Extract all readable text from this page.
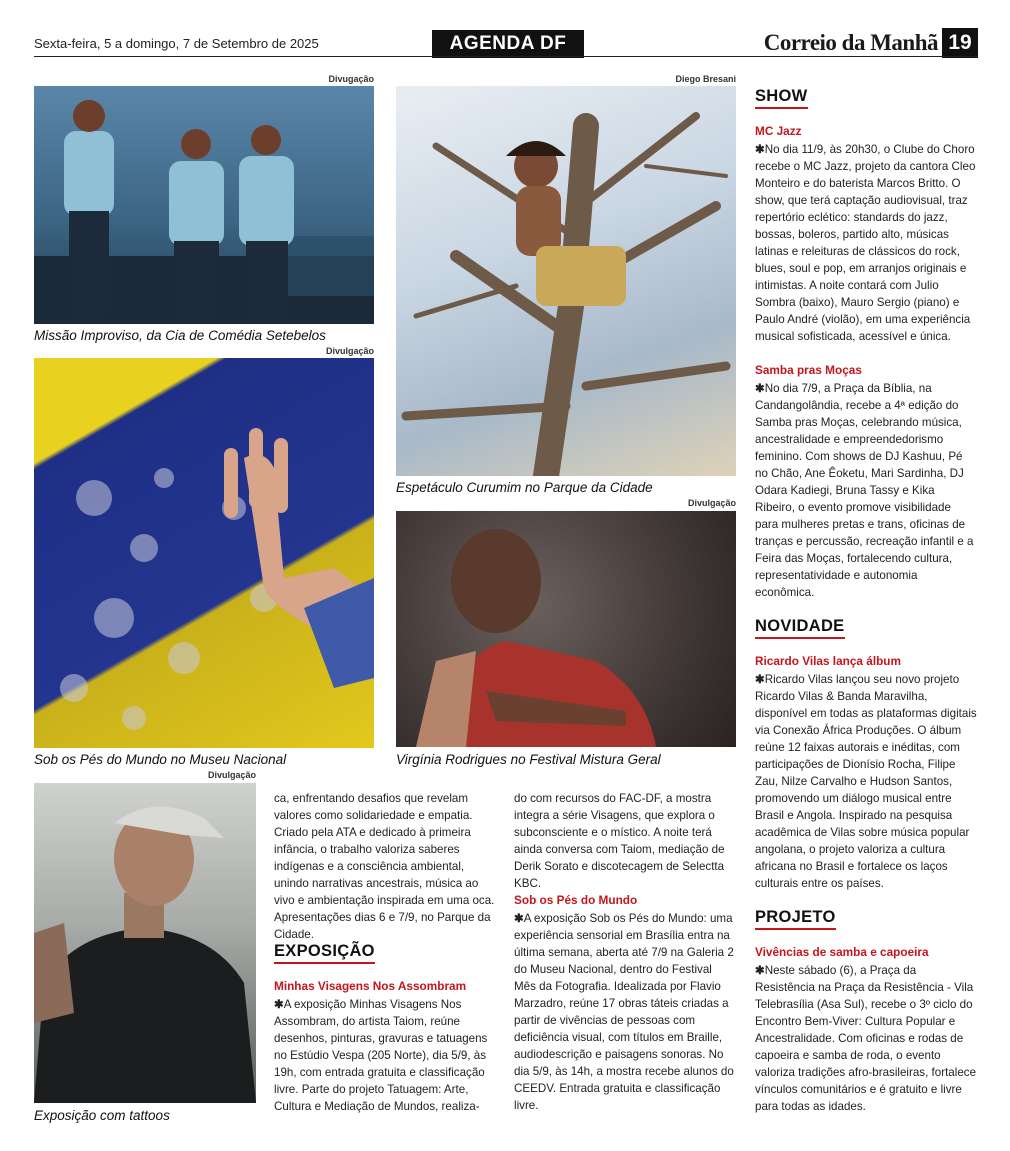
Sexta-feira, 5 a domingo, 7 de Setembro de 2025	AGENDA DF	Correio da Manhã 19
Divugação
Missão Improviso, da Cia de Comédia Setebelos
Diego Bresani
Espetáculo Curumim no Parque da Cidade
Divulgação
Sob os Pés do Mundo no Museu Nacional
Divulgação
Virgínia Rodrigues no Festival Mistura Geral
Divulgação
Exposição com tattoos

ca, enfrentando desafios que revelam valores como solidariedade e empatia. Criado pela ATA e dedicado à primeira infância, o trabalho valoriza saberes indígenas e a consciência ambiental, unindo narrativas ancestrais, música ao vivo e ambientação inspirada em uma oca. Apresentações dias 6 e 7/9, no Parque da Cidade.

EXPOSIÇÃO
Minhas Visagens Nos Assombram

✱A exposição Minhas Visagens Nos Assombram, do artista Taiom, reúne desenhos, pinturas, gravuras e tatuagens no Estúdio Vespa (205 Norte), dia 5/9, às 19h, com entrada gratuita e classificação livre. Parte do projeto Tatuagem: Arte, Cultura e Mediação de Mundos, realiza-

do com recursos do FAC-DF, a mostra integra a série Visagens, que explora o subconsciente e o místico. A noite terá ainda conversa com Taiom, mediação de Derik Sorato e discotecagem de Selectta KBC.

Sob os Pés do Mundo

✱A exposição Sob os Pés do Mundo: uma experiência sensorial em Brasília entra na última semana, aberta até 7/9 na Galeria 2 do Museu Nacional, dentro do Festival Mês da Fotografia. Idealizada por Flavio Marzadro, reúne 17 obras táteis criadas a partir de vivências de pessoas com deficiência visual, com títulos em Braille, audiodescrição e paisagens sonoras. No dia 5/9, às 14h, a mostra recebe alunos do CEEDV. Entrada gratuita e classificação livre.

SHOW
MC Jazz

✱No dia 11/9, às 20h30, o Clube do Choro recebe o MC Jazz, projeto da cantora Cleo Monteiro e do baterista Marcos Britto. O show, que terá captação audiovisual, traz repertório eclético: standards do jazz, bossas, boleros, partido alto, músicas latinas e releituras de clássicos do rock, blues, soul e pop, em arranjos originais e intimistas. A noite contará com Julio Sombra (baixo), Mauro Sergio (piano) e Paulo André (violão), em uma experiência musical sofisticada, acessível e única.

Samba pras Moças

✱No dia 7/9, a Praça da Bíblia, na Candangolândia, recebe a 4ª edição do Samba pras Moças, celebrando música, ancestralidade e empreendedorismo feminino. Com shows de DJ Kashuu, Pé no Chão, Ane Êoketu, Mari Sardinha, DJ Odara Kadiegi, Bruna Tassy e Kika Ribeiro, o evento promove visibilidade para mulheres pretas e trans, oficinas de tranças e percussão, recreação infantil e a Feira das Moças, fortalecendo cultura, representatividade e autonomia econômica.

NOVIDADE
Ricardo Vilas lança álbum

✱Ricardo Vilas lançou seu novo projeto Ricardo Vilas & Banda Maravilha, disponível em todas as plataformas digitais via Conexão África Produções. O álbum reúne 12 faixas autorais e inéditas, com participações de Dionísio Rocha, Filipe Zau, Nilze Carvalho e Hudson Santos, promovendo um diálogo musical entre Brasil e Angola. Inspirado na pesquisa acadêmica de Vilas sobre música popular angolana, o projeto valoriza a cultura africana no Brasil e fortalece os laços culturais entre os países.

PROJETO
Vivências de samba e capoeira

✱Neste sábado (6), a Praça da Resistência na Praça da Resistência - Vila Telebrasília (Asa Sul), recebe o 3º ciclo do Encontro Bem-Viver: Cultura Popular e Ancestralidade. Com oficinas e rodas de capoeira e samba de roda, o evento valoriza tradições afro-brasileiras, fortalece vínculos comunitários e é gratuito e livre para todas as idades.
